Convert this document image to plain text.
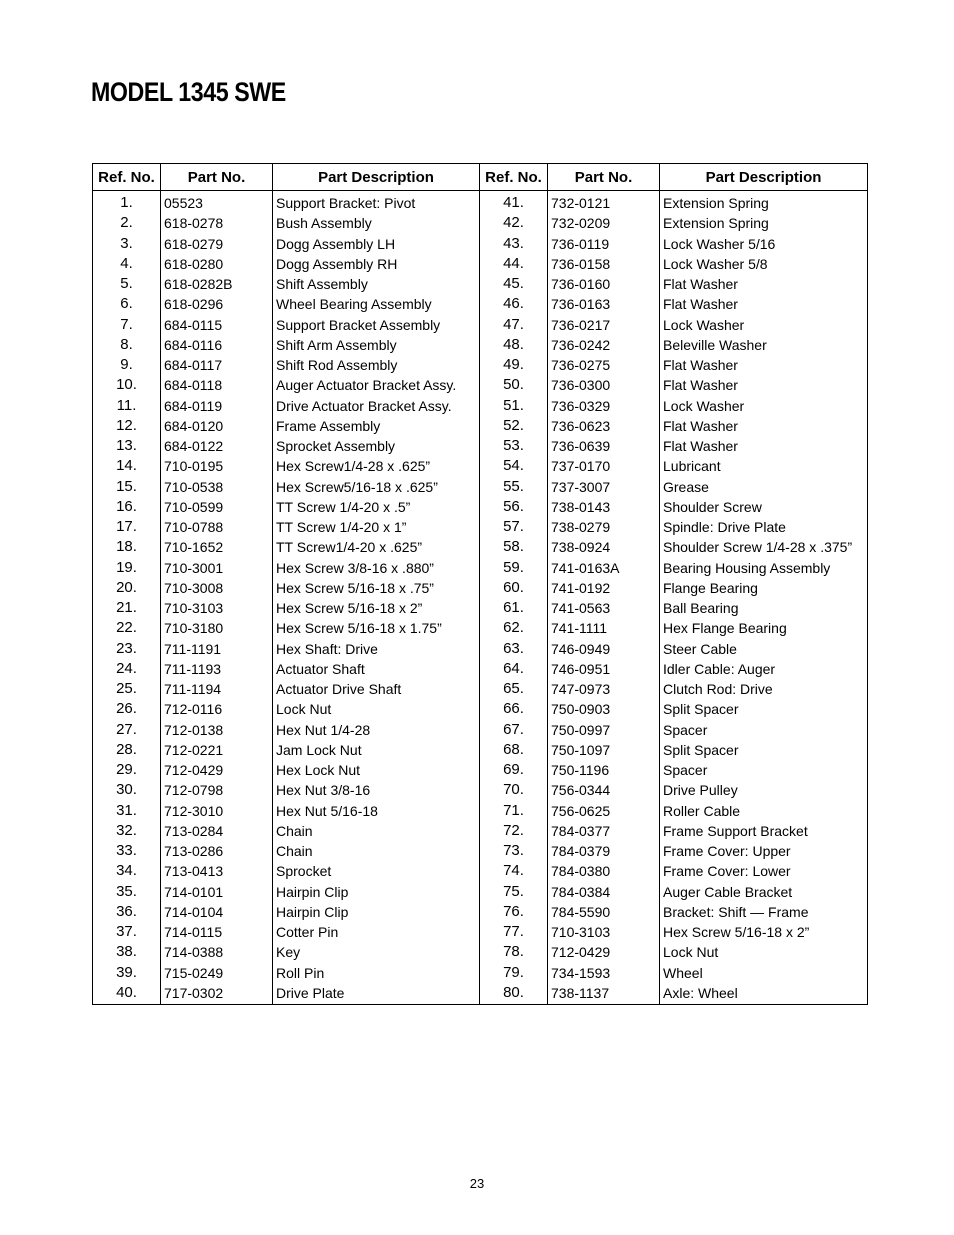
MODEL 1345 SWE
Ref. No.	Part No.	Part Description	Ref. No.	Part No.	Part Description
1.	05523	Support Bracket: Pivot	41.	732-0121	Extension Spring
2.	618-0278	Bush Assembly	42.	732-0209	Extension Spring
3.	618-0279	Dogg Assembly LH	43.	736-0119	Lock Washer 5/16
4.	618-0280	Dogg Assembly RH	44.	736-0158	Lock Washer 5/8
5.	618-0282B	Shift Assembly	45.	736-0160	Flat Washer
6.	618-0296	Wheel Bearing Assembly	46.	736-0163	Flat Washer
7.	684-0115	Support Bracket Assembly	47.	736-0217	Lock Washer
8.	684-0116	Shift Arm Assembly	48.	736-0242	Beleville Washer
9.	684-0117	Shift Rod Assembly	49.	736-0275	Flat Washer
10.	684-0118	Auger Actuator Bracket Assy.	50.	736-0300	Flat Washer
11.	684-0119	Drive Actuator Bracket Assy.	51.	736-0329	Lock Washer
12.	684-0120	Frame Assembly	52.	736-0623	Flat Washer
13.	684-0122	Sprocket Assembly	53.	736-0639	Flat Washer
14.	710-0195	Hex Screw1/4-28 x .625”	54.	737-0170	Lubricant
15.	710-0538	Hex Screw5/16-18 x .625”	55.	737-3007	Grease
16.	710-0599	TT Screw 1/4-20 x .5”	56.	738-0143	Shoulder Screw
17.	710-0788	TT Screw 1/4-20 x 1”	57.	738-0279	Spindle: Drive Plate
18.	710-1652	TT Screw1/4-20 x .625”	58.	738-0924	Shoulder Screw 1/4-28 x .375”
19.	710-3001	Hex Screw 3/8-16 x .880”	59.	741-0163A	Bearing Housing Assembly
20.	710-3008	Hex Screw 5/16-18 x .75”	60.	741-0192	Flange Bearing
21.	710-3103	Hex Screw 5/16-18 x 2”	61.	741-0563	Ball Bearing
22.	710-3180	Hex Screw 5/16-18 x 1.75”	62.	741-1111	Hex Flange Bearing
23.	711-1191	Hex Shaft: Drive	63.	746-0949	Steer Cable
24.	711-1193	Actuator Shaft	64.	746-0951	Idler Cable: Auger
25.	711-1194	Actuator Drive Shaft	65.	747-0973	Clutch Rod: Drive
26.	712-0116	Lock Nut	66.	750-0903	Split Spacer
27.	712-0138	Hex Nut 1/4-28	67.	750-0997	Spacer
28.	712-0221	Jam Lock Nut	68.	750-1097	Split Spacer
29.	712-0429	Hex Lock Nut	69.	750-1196	Spacer
30.	712-0798	Hex Nut 3/8-16	70.	756-0344	Drive Pulley
31.	712-3010	Hex Nut 5/16-18	71.	756-0625	Roller Cable
32.	713-0284	Chain	72.	784-0377	Frame Support Bracket
33.	713-0286	Chain	73.	784-0379	Frame Cover: Upper
34.	713-0413	Sprocket	74.	784-0380	Frame Cover: Lower
35.	714-0101	Hairpin Clip	75.	784-0384	Auger Cable Bracket
36.	714-0104	Hairpin Clip	76.	784-5590	Bracket: Shift — Frame
37.	714-0115	Cotter Pin	77.	710-3103	Hex Screw 5/16-18 x 2”
38.	714-0388	Key	78.	712-0429	Lock Nut
39.	715-0249	Roll Pin	79.	734-1593	Wheel
40.	717-0302	Drive Plate	80.	738-1137	Axle: Wheel
23
